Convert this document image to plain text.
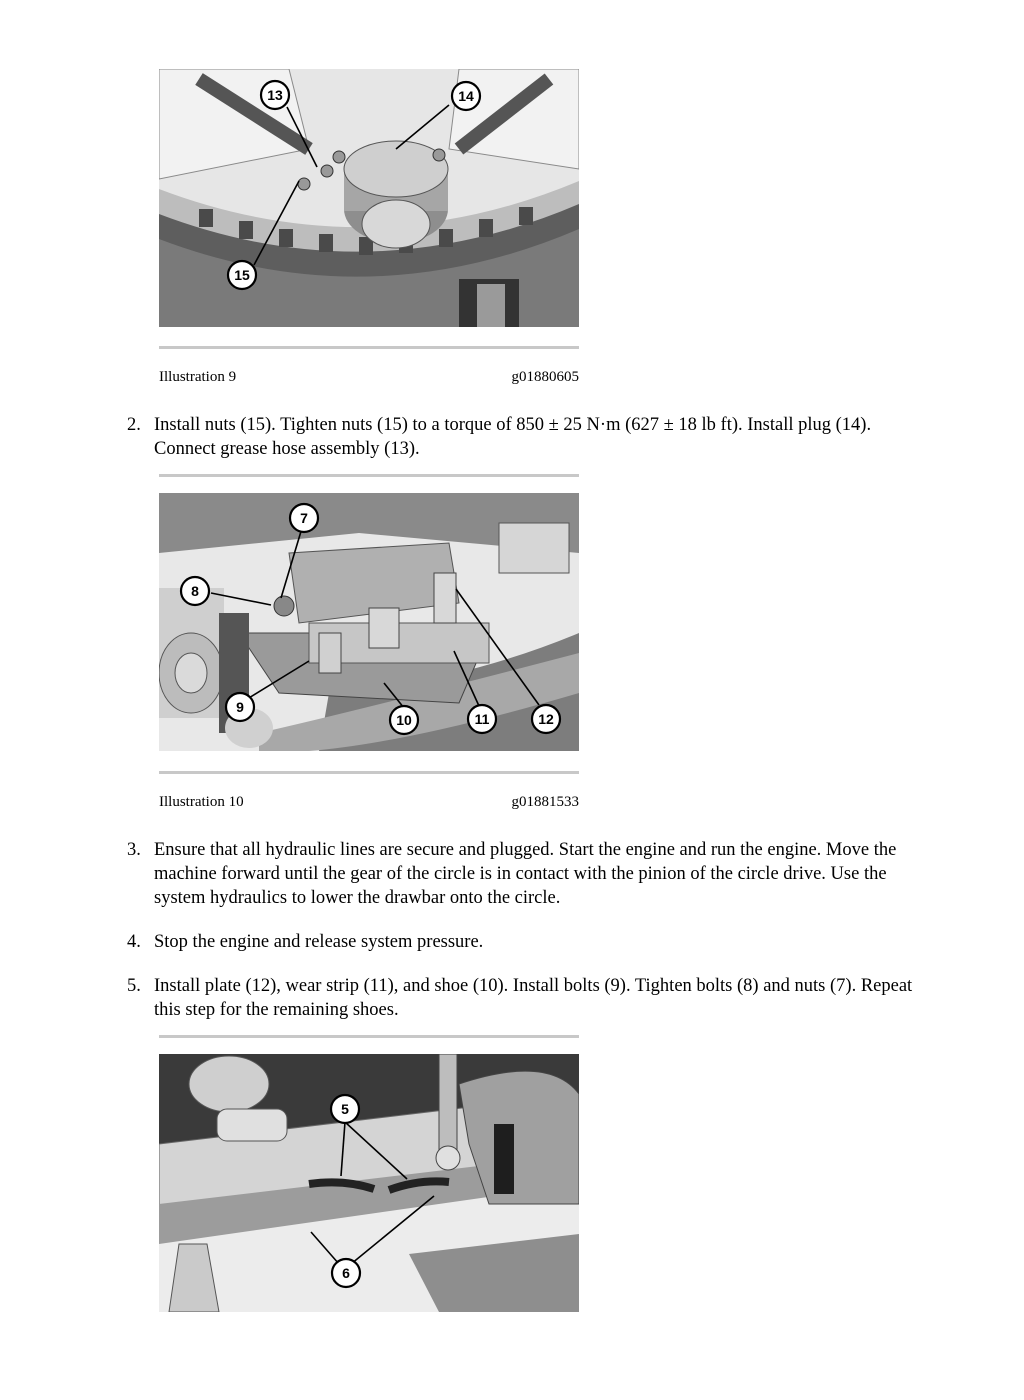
13	14
15
Illustration 9	g01880605
2. Install nuts (15). Tighten nuts (15) to a torque of 850 ± 25 N·m (627 ± 18 lb ft). Install plug (14). Connect grease hose assembly (13).
7
8
9
10	11	12
Illustration 10	g01881533
3. Ensure that all hydraulic lines are secure and plugged. Start the engine and run the engine. Move the machine forward until the gear of the circle is in contact with the pinion of the circle drive. Use the system hydraulics to lower the drawbar onto the circle.
4. Stop the engine and release system pressure.
5. Install plate (12), wear strip (11), and shoe (10). Install bolts (9). Tighten bolts (8) and nuts (7). Repeat this step for the remaining shoes.
5
6
